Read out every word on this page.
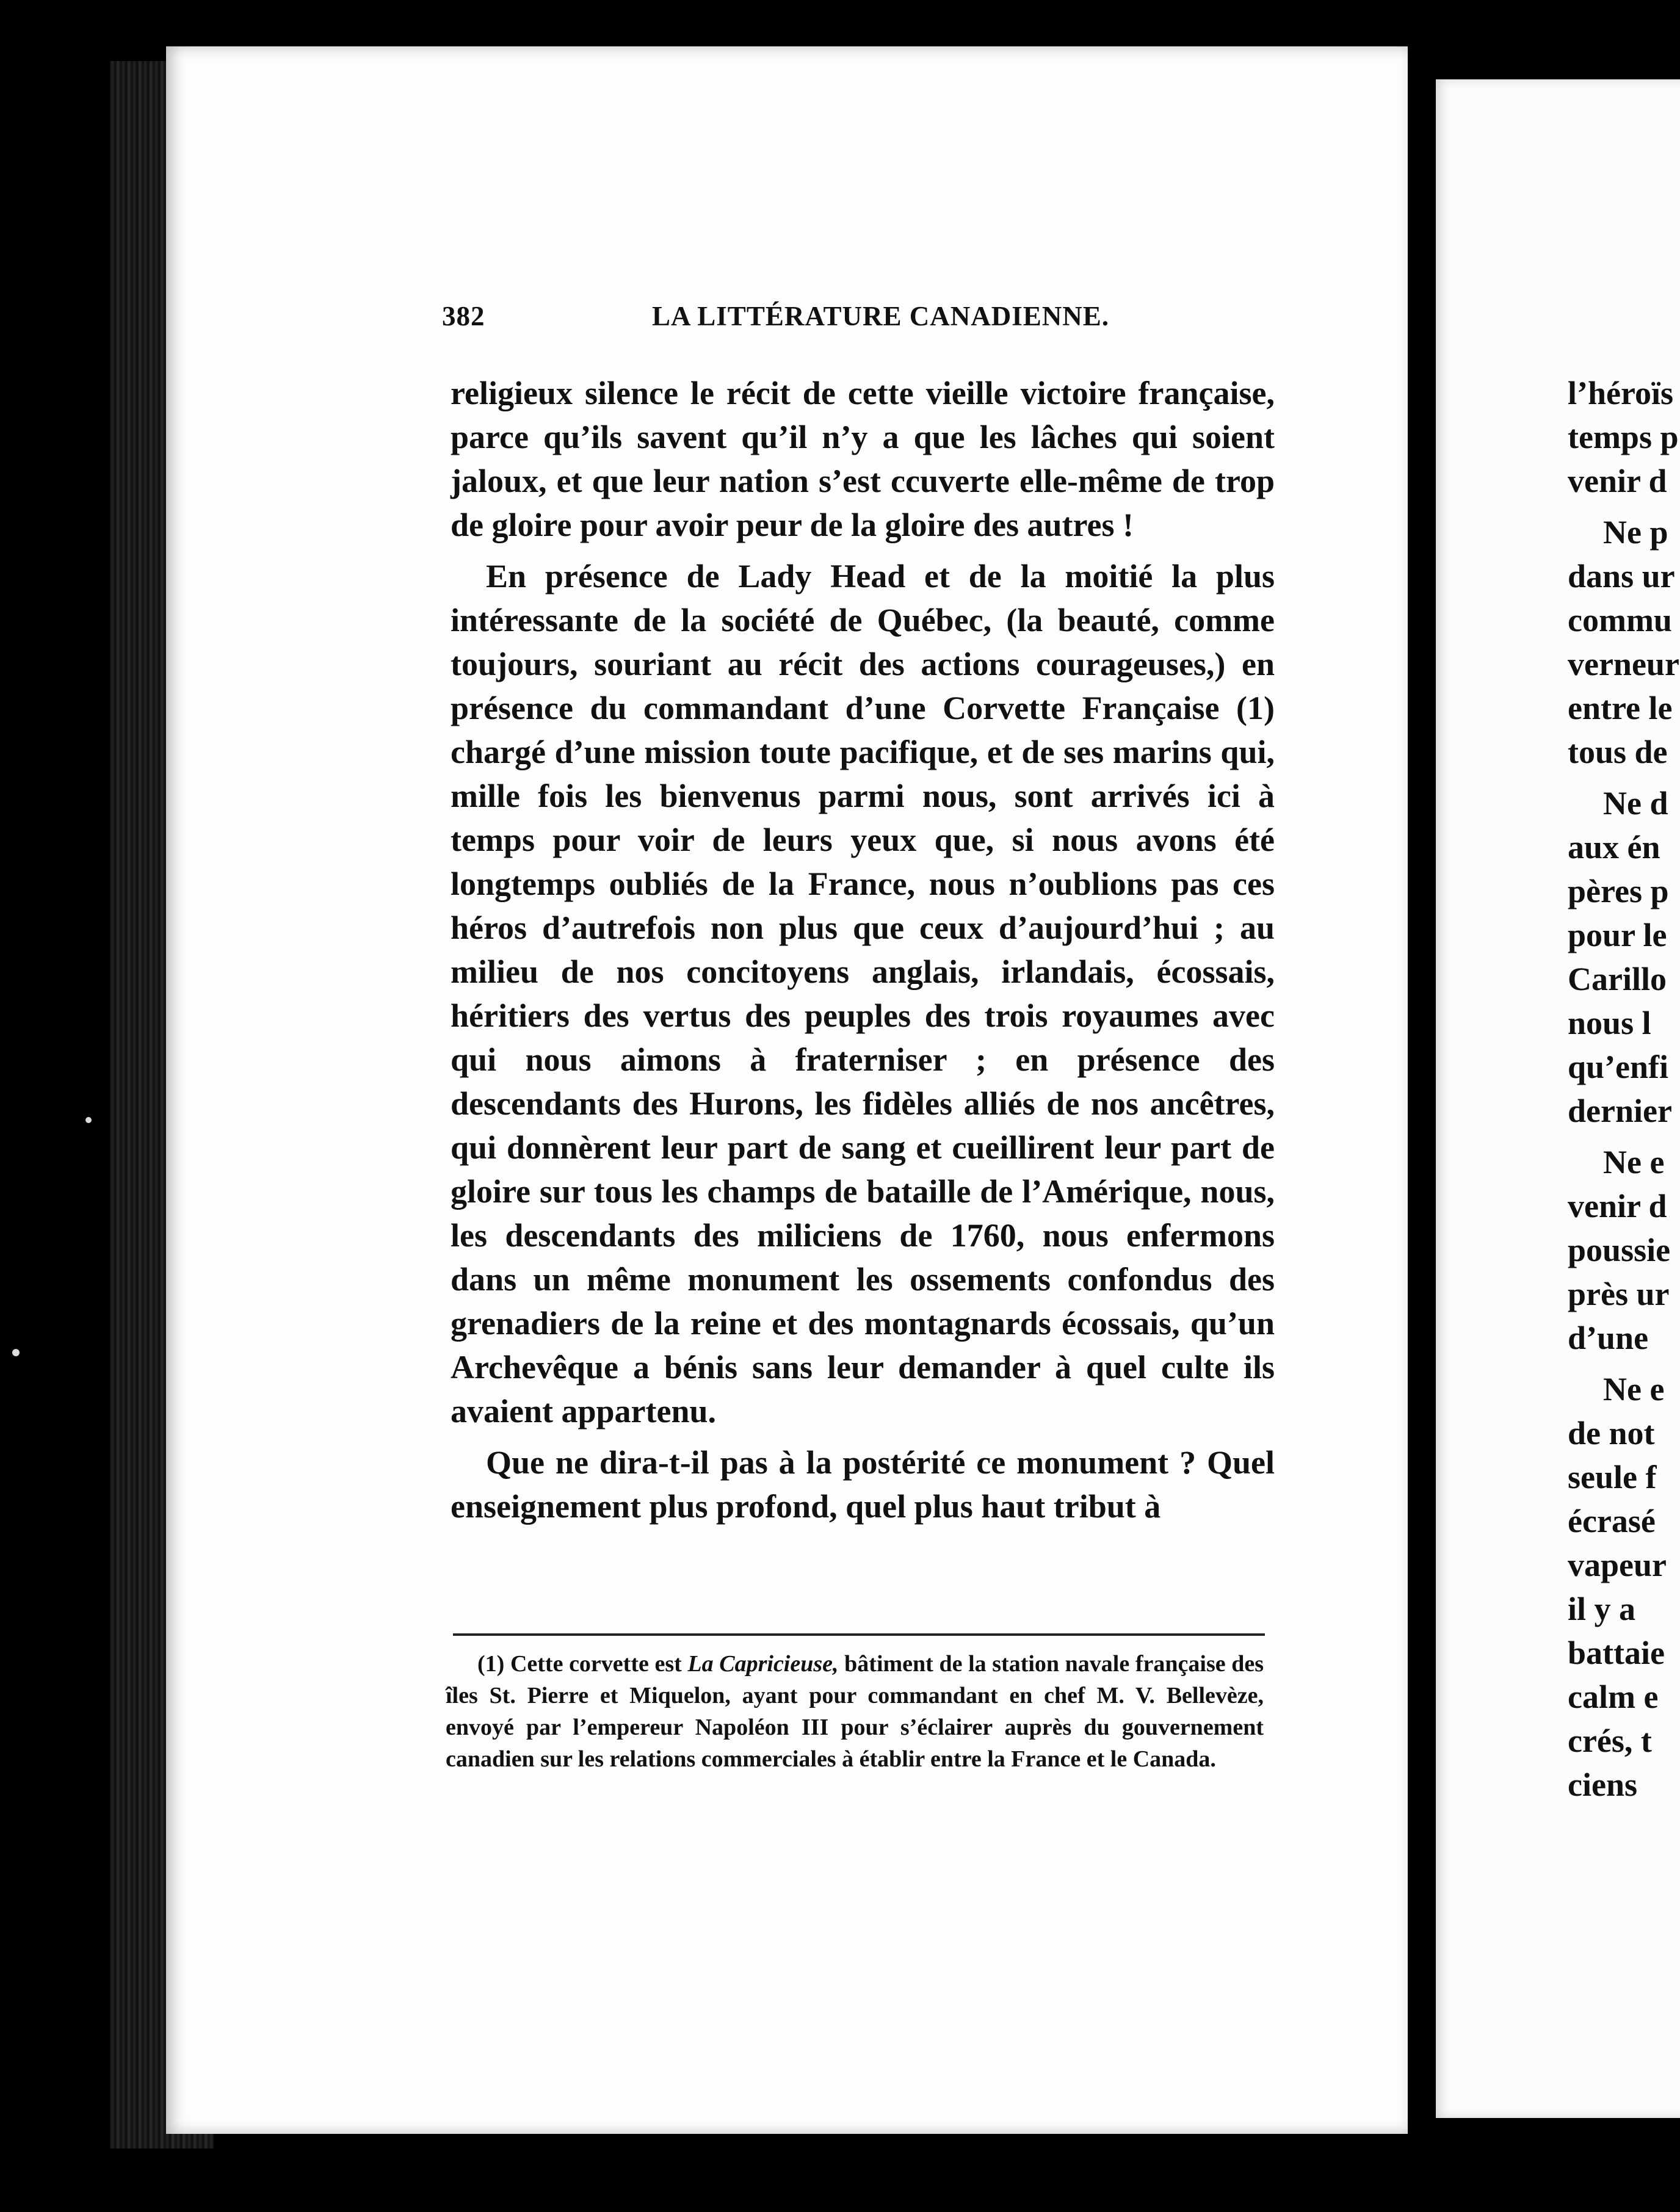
382	LA LITTÉRATURE CANADIENNE.

religieux silence le récit de cette vieille victoire française, parce qu’ils savent qu’il n’y a que les lâches qui soient jaloux, et que leur nation s’est ccuverte elle-même de trop de gloire pour avoir peur de la gloire des autres !

En présence de Lady Head et de la moitié la plus intéressante de la société de Québec, (la beauté, comme toujours, souriant au récit des actions courageuses,) en présence du commandant d’une Corvette Française (1) chargé d’une mission toute pacifique, et de ses marins qui, mille fois les bienvenus parmi nous, sont arrivés ici à temps pour voir de leurs yeux que, si nous avons été longtemps oubliés de la France, nous n’oublions pas ces héros d’autrefois non plus que ceux d’aujourd’hui ; au milieu de nos concitoyens anglais, irlandais, écossais, héritiers des vertus des peuples des trois royaumes avec qui nous aimons à fraterniser ; en présence des descendants des Hurons, les fidèles alliés de nos ancêtres, qui donnèrent leur part de sang et cueillirent leur part de gloire sur tous les champs de bataille de l’Amérique, nous, les descendants des miliciens de 1760, nous enfermons dans un même monument les ossements confondus des grenadiers de la reine et des montagnards écossais, qu’un Archevêque a bénis sans leur demander à quel culte ils avaient appartenu.

Que ne dira-t-il pas à la postérité ce monument ? Quel enseignement plus profond, quel plus haut tribut à

(1) Cette corvette est La Capricieuse, bâtiment de la station navale française des îles St. Pierre et Miquelon, ayant pour commandant en chef M. V. Bellevèze, envoyé par l’empereur Napoléon III pour s’éclairer auprès du gouvernement canadien sur les relations commerciales à établir entre la France et le Canada.
l’héroïs
temps p
venir d
Ne p
dans ur
commu
verneur
entre le
tous de
Ne d
aux én
pères p
pour le
Carillo
nous l
qu’enfi
dernier
Ne e
venir d
poussie
près ur
d’une
Ne e
de not
seule f
écrasé
vapeur
il y a
battaie
calm e
crés, t
ciens
